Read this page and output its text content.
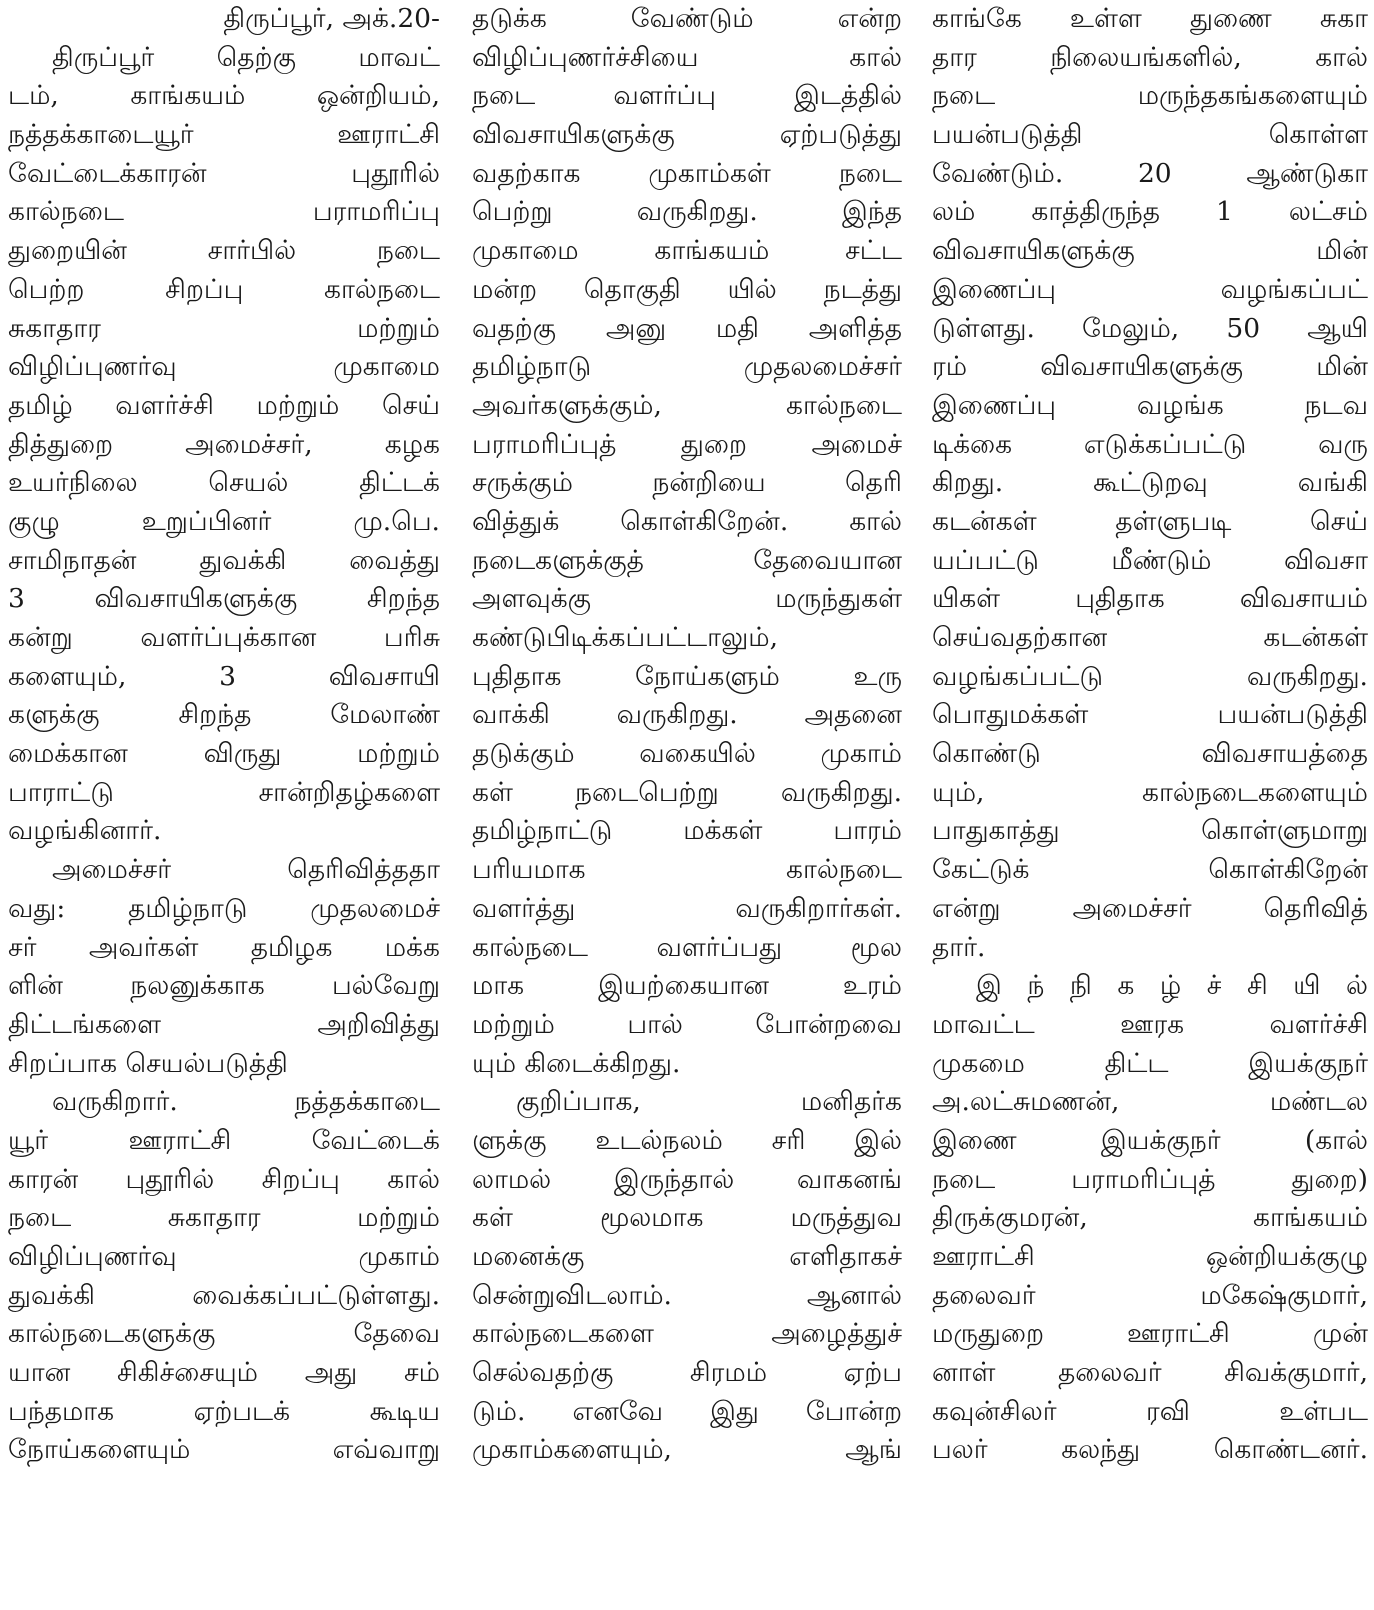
திருப்பூர், அக்.20-
திருப்பூர் தெற்கு மாவட்
டம், காங்கயம் ஒன்றியம்,
நத்தக்காடையூர் ஊராட்சி
வேட்டைக்காரன் புதூரில்
கால்நடை பராமரிப்பு
துறையின் சார்பில் நடை
பெற்ற சிறப்பு கால்நடை
சுகாதார மற்றும்
விழிப்புணர்வு முகாமை
தமிழ் வளர்ச்சி மற்றும் செய்
தித்துறை அமைச்சர், கழக
உயர்நிலை செயல் திட்டக்
குழு உறுப்பினர் மு.பெ.
சாமிநாதன் துவக்கி வைத்து
3 விவசாயிகளுக்கு சிறந்த
கன்று வளர்ப்புக்கான பரிசு
களையும், 3 விவசாயி
களுக்கு சிறந்த மேலாண்
மைக்கான விருது மற்றும்
பாராட்டு சான்றிதழ்களை
வழங்கினார்.
அமைச்சர் தெரிவித்ததா
வது: தமிழ்நாடு முதலமைச்
சர் அவர்கள் தமிழக மக்க
ளின் நலனுக்காக பல்வேறு
திட்டங்களை அறிவித்து
சிறப்பாக செயல்படுத்தி
வருகிறார். நத்தக்காடை
யூர் ஊராட்சி வேட்டைக்
காரன் புதூரில் சிறப்பு கால்
நடை சுகாதார மற்றும்
விழிப்புணர்வு முகாம்
துவக்கி வைக்கப்பட்டுள்ளது.
கால்நடைகளுக்கு தேவை
யான சிகிச்சையும் அது சம்
பந்தமாக ஏற்படக் கூடிய
நோய்களையும் எவ்வாறு
தடுக்க வேண்டும் என்ற
விழிப்புணர்ச்சியை கால்
நடை வளர்ப்பு இடத்தில்
விவசாயிகளுக்கு ஏற்படுத்து
வதற்காக முகாம்கள் நடை
பெற்று வருகிறது. இந்த
முகாமை காங்கயம் சட்ட
மன்ற தொகுதி யில் நடத்து
வதற்கு அனு மதி அளித்த
தமிழ்நாடு முதலமைச்சர்
அவர்களுக்கும், கால்நடை
பராமரிப்புத் துறை அமைச்
சருக்கும் நன்றியை தெரி
வித்துக் கொள்கிறேன். கால்
நடைகளுக்குத் தேவையான
அளவுக்கு மருந்துகள்
கண்டுபிடிக்கப்பட்டாலும்,
புதிதாக நோய்களும் உரு
வாக்கி வருகிறது. அதனை
தடுக்கும் வகையில் முகாம்
கள் நடைபெற்று வருகிறது.
தமிழ்நாட்டு மக்கள் பாரம்
பரியமாக கால்நடை
வளர்த்து வருகிறார்கள்.
கால்நடை வளர்ப்பது மூல
மாக இயற்கையான உரம்
மற்றும் பால் போன்றவை
யும் கிடைக்கிறது.
குறிப்பாக, மனிதர்க
ளுக்கு உடல்நலம் சரி இல்
லாமல் இருந்தால் வாகனங்
கள் மூலமாக மருத்துவ
மனைக்கு எளிதாகச்
சென்றுவிடலாம். ஆனால்
கால்நடைகளை அழைத்துச்
செல்வதற்கு சிரமம் ஏற்ப
டும். எனவே இது போன்ற
முகாம்களையும், ஆங்
காங்கே உள்ள துணை சுகா
தார நிலையங்களில், கால்
நடை மருந்தகங்களையும்
பயன்படுத்தி கொள்ள
வேண்டும். 20 ஆண்டுகா
லம் காத்திருந்த 1 லட்சம்
விவசாயிகளுக்கு மின்
இணைப்பு வழங்கப்பட்
டுள்ளது. மேலும், 50 ஆயி
ரம் விவசாயிகளுக்கு மின்
இணைப்பு வழங்க நடவ
டிக்கை எடுக்கப்பட்டு வரு
கிறது. கூட்டுறவு வங்கி
கடன்கள் தள்ளுபடி செய்
யப்பட்டு மீண்டும் விவசா
யிகள் புதிதாக விவசாயம்
செய்வதற்கான கடன்கள்
வழங்கப்பட்டு வருகிறது.
பொதுமக்கள் பயன்படுத்தி
கொண்டு விவசாயத்தை
யும், கால்நடைகளையும்
பாதுகாத்து கொள்ளுமாறு
கேட்டுக் கொள்கிறேன்
என்று அமைச்சர் தெரிவித்
தார்.
இ ந் நி க ழ் ச் சி யி ல்
மாவட்ட ஊரக வளர்ச்சி
முகமை திட்ட இயக்குநர்
அ.லட்சுமணன், மண்டல
இணை இயக்குநர் (கால்
நடை பராமரிப்புத் துறை)
திருக்குமரன், காங்கயம்
ஊராட்சி ஒன்றியக்குழு
தலைவர் மகேஷ்குமார்,
மருதுறை ஊராட்சி முன்
னாள் தலைவர் சிவக்குமார்,
கவுன்சிலர் ரவி உள்பட
பலர் கலந்து கொண்டனர்.
